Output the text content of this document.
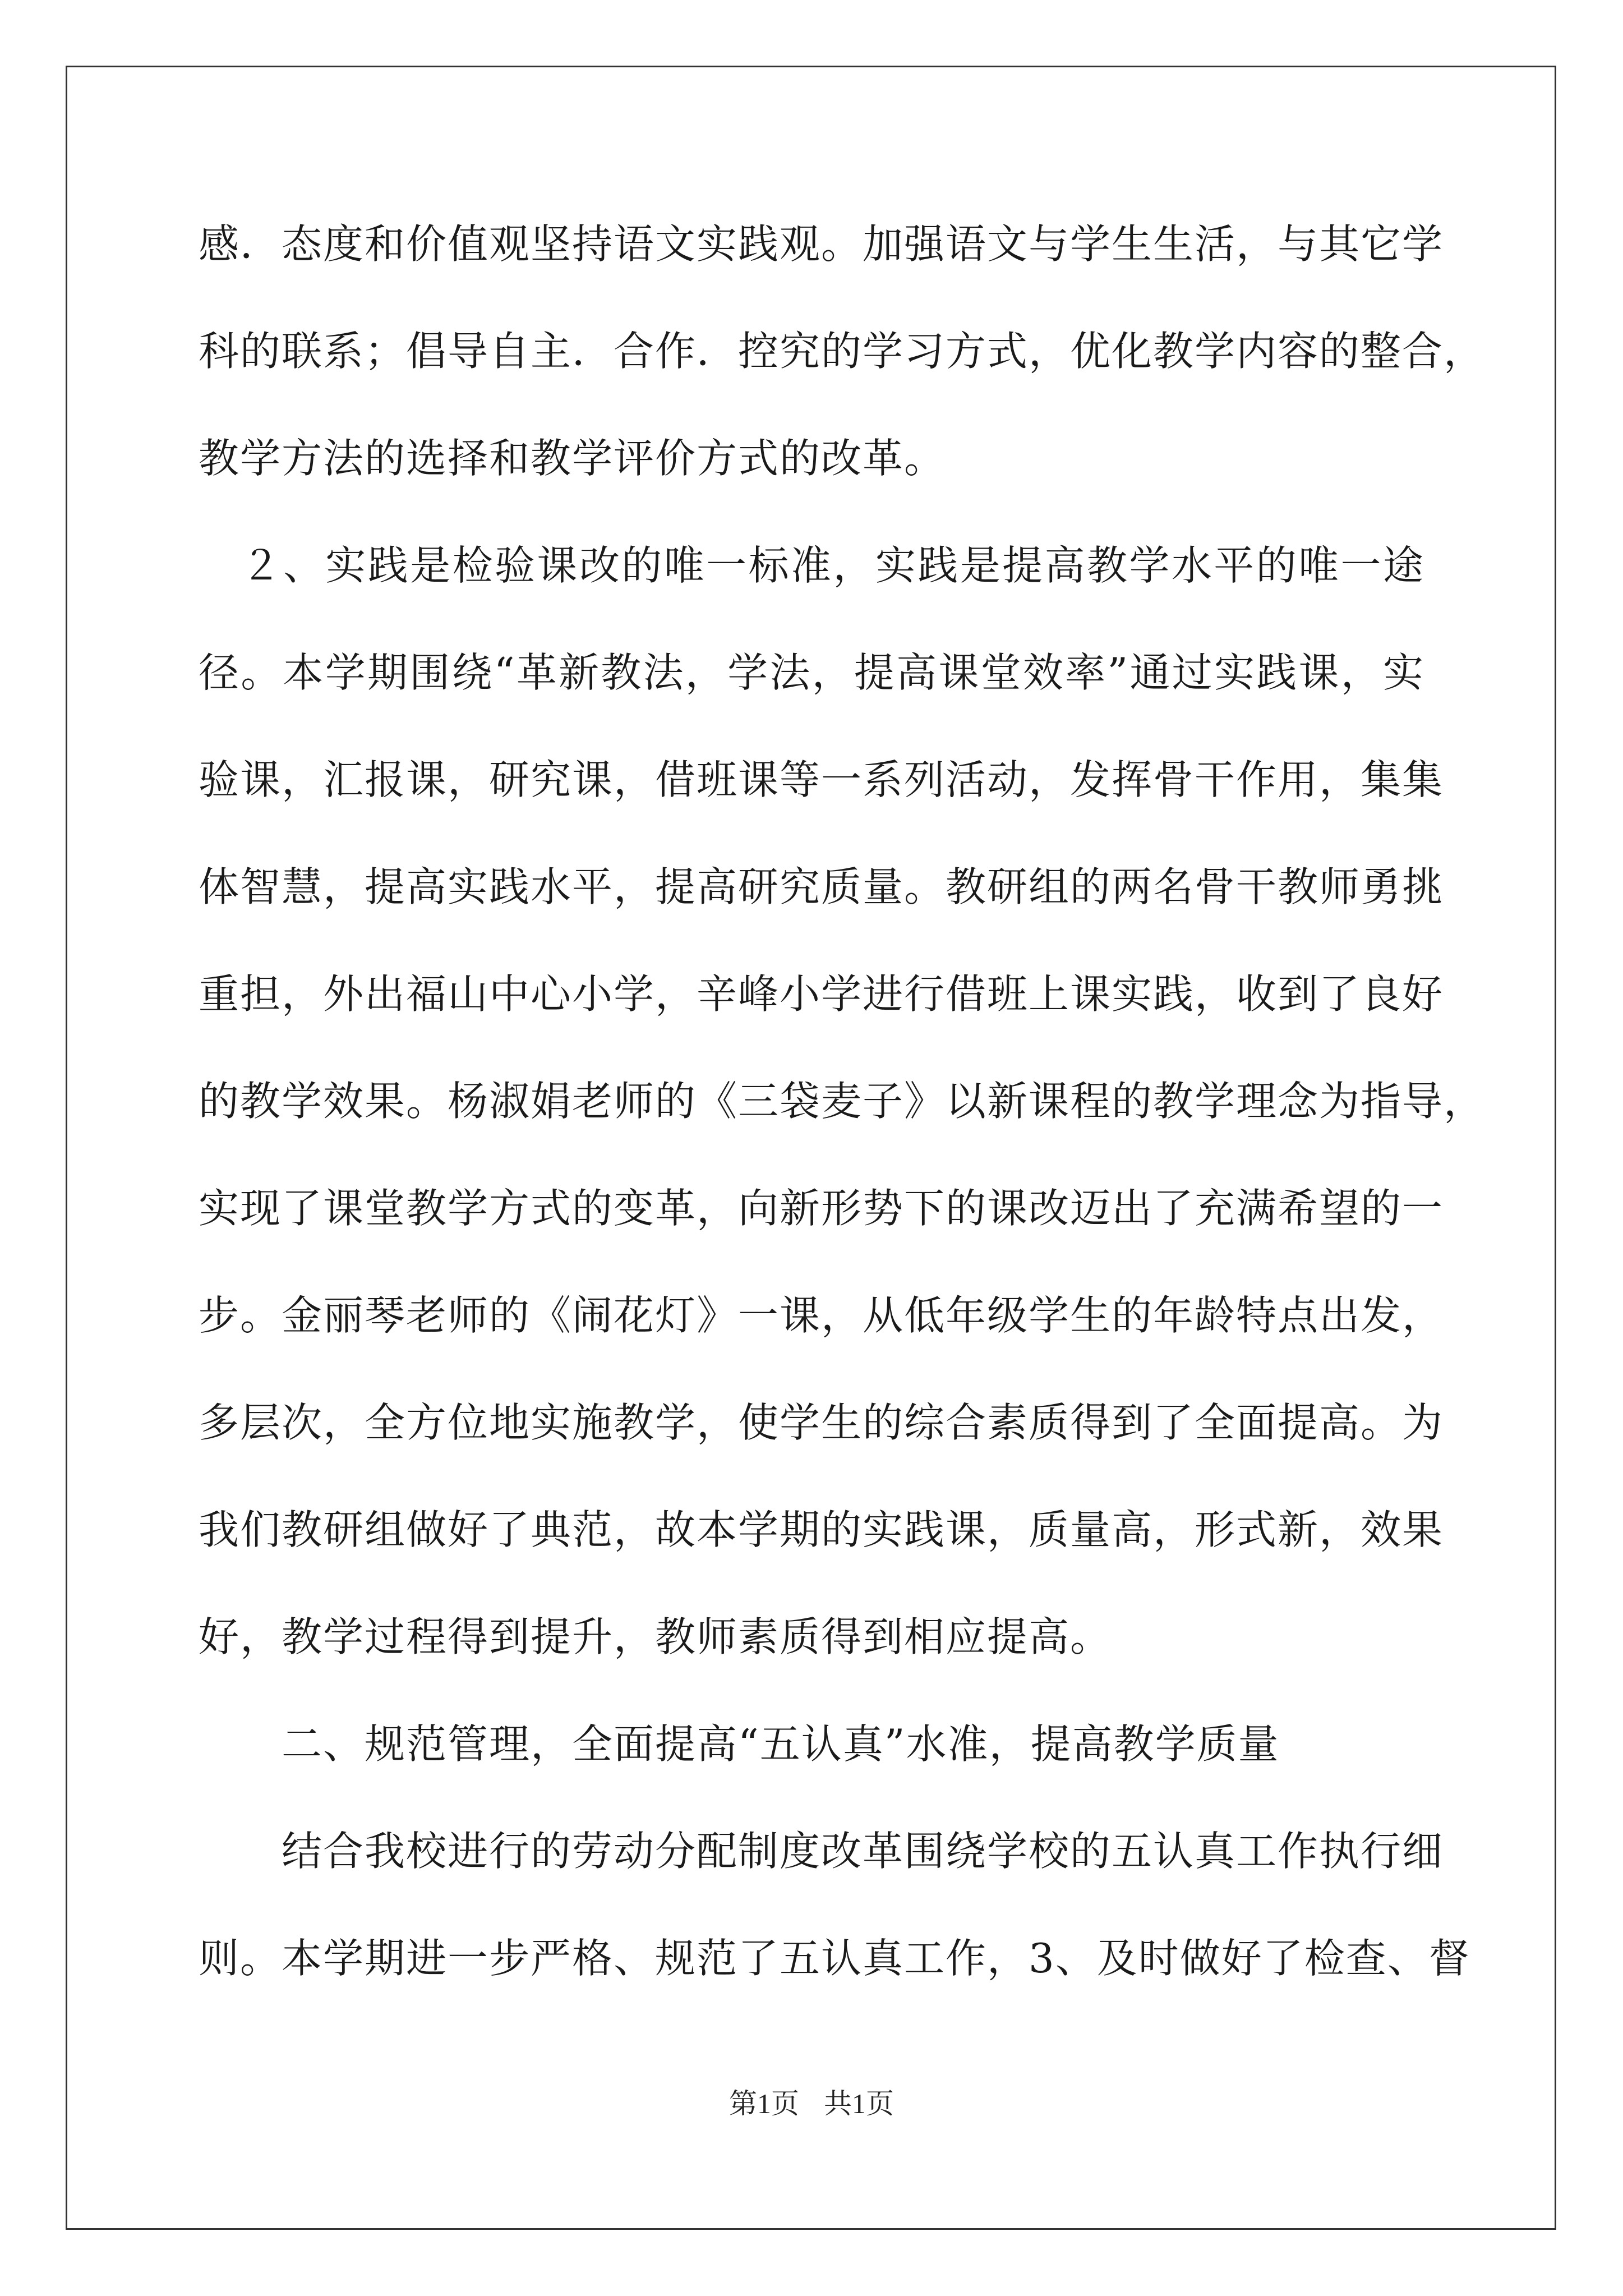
感．态度和价值观坚持语文实践观。加强语文与学生生活，与其它学
科的联系；倡导自主．合作．控究的学习方式，优化教学内容的整合，
教学方法的选择和教学评价方式的改革。
　２、实践是检验课改的唯一标准，实践是提高教学水平的唯一途
径。本学期围绕“革新教法，学法，提高课堂效率”通过实践课，实
验课，汇报课，研究课，借班课等一系列活动，发挥骨干作用，集集
体智慧，提高实践水平，提高研究质量。教研组的两名骨干教师勇挑
重担，外出福山中心小学，辛峰小学进行借班上课实践，收到了良好
的教学效果。杨淑娟老师的《三袋麦子》以新课程的教学理念为指导，
实现了课堂教学方式的变革，向新形势下的课改迈出了充满希望的一
步。金丽琴老师的《闹花灯》一课，从低年级学生的年龄特点出发，
多层次，全方位地实施教学，使学生的综合素质得到了全面提高。为
我们教研组做好了典范，故本学期的实践课，质量高，形式新，效果
好，教学过程得到提升，教师素质得到相应提高。
　　二、规范管理，全面提高“五认真”水准，提高教学质量
　　结合我校进行的劳动分配制度改革围绕学校的五认真工作执行细
则。本学期进一步严格、规范了五认真工作，3、及时做好了检查、督
第1页 共1页
